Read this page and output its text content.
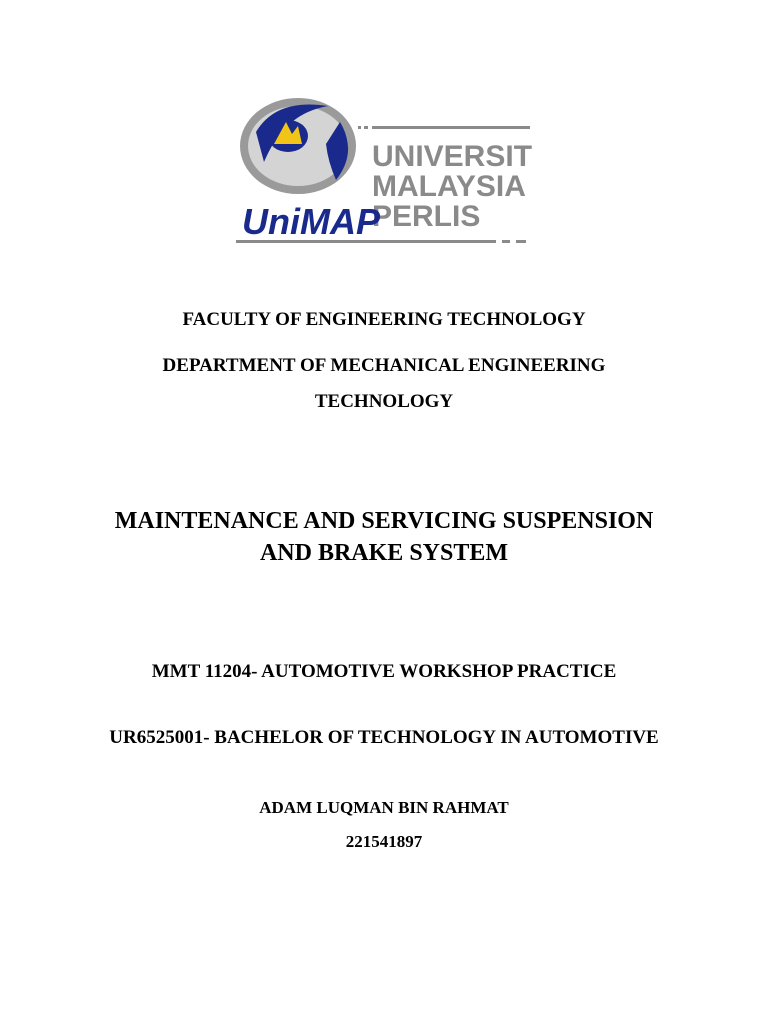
UNIVERSITI
MALAYSIA
PERLIS
UniMAP
FACULTY OF ENGINEERING TECHNOLOGY
DEPARTMENT OF MECHANICAL ENGINEERING
TECHNOLOGY
MAINTENANCE AND SERVICING SUSPENSION
AND BRAKE SYSTEM
MMT 11204- AUTOMOTIVE WORKSHOP PRACTICE
UR6525001- BACHELOR OF TECHNOLOGY IN AUTOMOTIVE
ADAM LUQMAN BIN RAHMAT
221541897
